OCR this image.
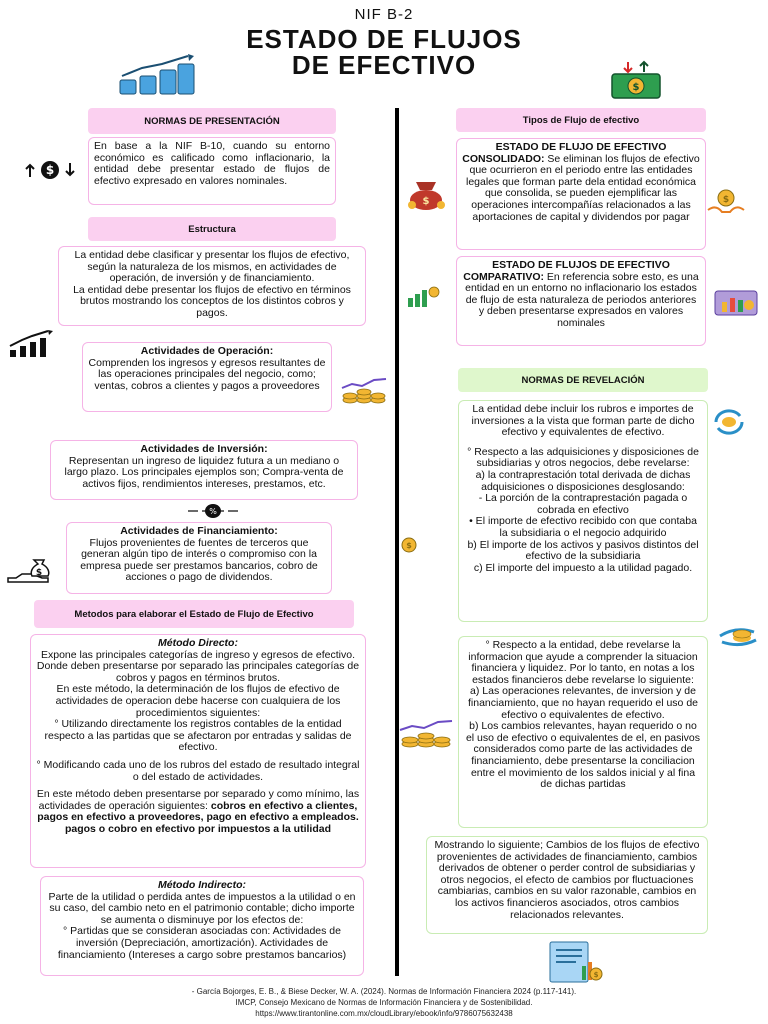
NIF B-2
ESTADO DE FLUJOS
DE EFECTIVO
$
NORMAS DE PRESENTACIÓN
$

En base a la NIF B-10, cuando su entorno económico es calificado como inflacionario, la entidad debe presentar estado de flujos de efectivo expresado en valores nominales.

Estructura

La entidad debe clasificar y presentar los flujos de efectivo, según la naturaleza de los mismos, en actividades de operación, de inversión y de financiamiento.

La entidad debe presentar los flujos de efectivo en términos brutos mostrando los conceptos de los distintos cobros y pagos.

Actividades de Operación:

Comprenden los ingresos y egresos resultantes de las operaciones principales del negocio, como; ventas, cobros a clientes y pagos a proveedores

Actividades de Inversión:

Representan un ingreso de liquidez futura a un mediano o largo plazo. Los principales ejemplos son; Compra-venta de activos fijos, rendimientos intereses, prestamos, etc.

%

Actividades de Financiamiento:

Flujos provenientes de fuentes de terceros que generan algún tipo de interés o compromiso con la empresa puede ser prestamos bancarios, cobro de acciones o pago de dividendos.

$
Metodos para elaborar el Estado de Flujo de Efectivo

Método Directo:

Expone las principales categorías de ingreso y egresos de efectivo. Donde deben presentarse por separado las principales categorías de cobros y pagos en términos brutos.

En este método, la determinación de los flujos de efectivo de actividades de operacion debe hacerse con cualquiera de los procedimientos siguientes:

° Utilizando directamente los registros contables de la entidad respecto a las partidas que se afectaron por entradas y salidas de efectivo.

° Modificando cada uno de los rubros del estado de resultado integral o del estado de actividades.

En este método deben presentarse por separado y como mínimo, las actividades de operación siguientes: cobros en efectivo a clientes, pagos en efectivo a proveedores, pago en efectivo a empleados. pagos o cobro en efectivo por impuestos a la utilidad

Método Indirecto:

Parte de la utilidad o perdida antes de impuestos a la utilidad o en su caso, del cambio neto en el patrimonio contable; dicho importe se aumenta o disminuye por los efectos de:

° Partidas que se consideran asociadas con: Actividades de inversión (Depreciación, amortización). Actividades de financiamiento (Intereses a cargo sobre prestamos bancarios)

Tipos de Flujo de efectivo
$

ESTADO DE FLUJO DE EFECTIVO CONSOLIDADO: Se eliminan los flujos de efectivo que ocurrieron en el periodo entre las entidades legales que forman parte dela entidad económica que consolida, se pueden ejemplificar las operaciones intercompañías relacionados a las aportaciones de capital y dividendos por pagar

$

ESTADO DE FLUJOS DE EFECTIVO COMPARATIVO: En referencia sobre esto, es una entidad en un entorno no inflacionario los estados de flujo de esta naturaleza de periodos anteriores y deben presentarse expresados en valores nominales

NORMAS DE REVELACIÓN

La entidad debe incluir los rubros e importes de inversiones a la vista que forman parte de dicho efectivo y equivalentes de efectivo.

° Respecto a las adquisiciones y disposiciones de subsidiarias y otros negocios, debe revelarse:

a) la contraprestación total derivada de dichas adquisiciones o disposiciones desglosando:

- La porción de la contraprestación pagada o cobrada en efectivo

• El importe de efectivo recibido con que contaba la subsidiaria o el negocio adquirido

b) El importe de los activos y pasivos distintos del efectivo de la subsidiaria

c) El importe del impuesto a la utilidad pagado.

$

° Respecto a la entidad, debe revelarse la informacion que ayude a comprender la situacion financiera y liquidez. Por lo tanto, en notas a los estados financieros debe revelarse lo siguiente:

a) Las operaciones relevantes, de inversion y de financiamiento, que no hayan requerido el uso de efectivo o equivalentes de efectivo.

b) Los cambios relevantes, hayan requerido o no el uso de efectivo o equivalentes de el, en pasivos considerados como parte de las actividades de financiamiento, debe presentarse la conciliacion entre el movimiento de los saldos inicial y al fina de dichas partidas

Mostrando lo siguiente; Cambios de los flujos de efectivo provenientes de actividades de financiamiento, cambios derivados de obtener o perder control de subsidiarias y otros negocios, el efecto de cambios por fluctuaciones cambiarias, cambios en su valor razonable, cambios en los activos financieros asociados, otros cambios relacionados relevantes.

$
- García Bojorges, E. B., & Biese Decker, W. A. (2024). Normas de Información Financiera 2024 (p.117-141).
IMCP, Consejo Mexicano de Normas de Información Financiera y de Sostenibilidad.
https://www.tirantonline.com.mx/cloudLibrary/ebook/info/9786075632438
